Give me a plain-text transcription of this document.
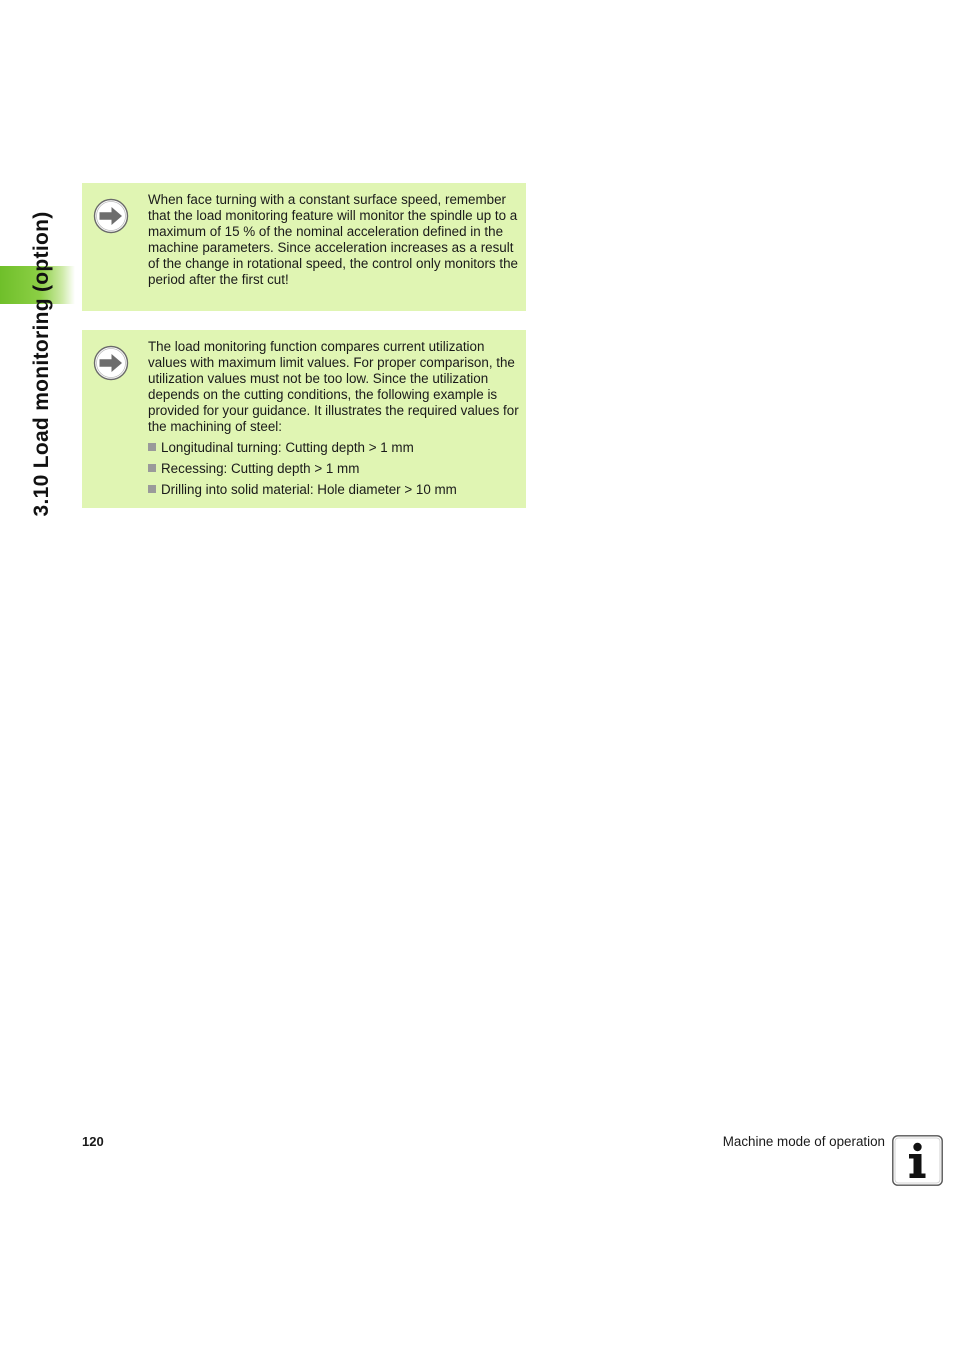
3.10 Load monitoring (option)

When face turning with a constant surface speed, remember that the load monitoring feature will monitor the spindle up to a maximum of 15 % of the nominal acceleration defined in the machine parameters. Since acceleration increases as a result of the change in rotational speed, the control only monitors the period after the first cut!

The load monitoring function compares current utilization values with maximum limit values. For proper comparison, the utilization values must not be too low. Since the utilization depends on the cutting conditions, the following example is provided for your guidance. It illustrates the required values for the machining of steel:

Longitudinal turning: Cutting depth > 1 mm
Recessing: Cutting depth > 1 mm
Drilling into solid material: Hole diameter > 10 mm
120	Machine mode of operation
